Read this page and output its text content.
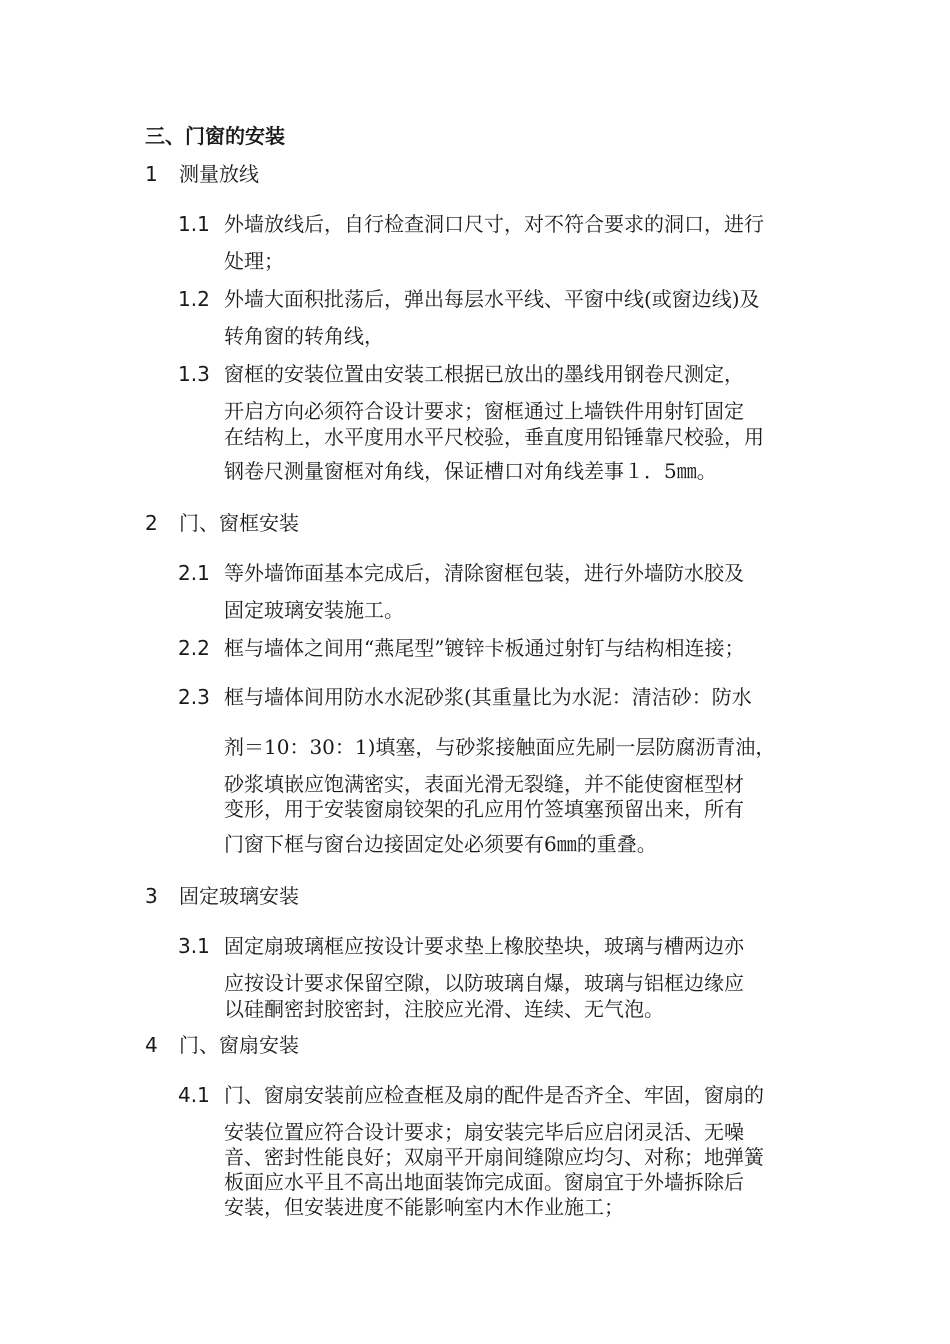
三、门窗的安装
1 测量放线
1.1 外墙放线后，自行检查洞口尺寸，对不符合要求的洞口，进行
处理；
1.2 外墙大面积批荡后，弹出每层水平线、平窗中线(或窗边线)及
转角窗的转角线，
1.3 窗框的安装位置由安装工根据已放出的墨线用钢卷尺测定，
开启方向必须符合设计要求；窗框通过上墙铁件用射钉固定
在结构上，水平度用水平尺校验，垂直度用铅锤靠尺校验，用
钢卷尺测量窗框对角线，保证槽口对角线差事１．5㎜。
2 门、窗框安装
2.1 等外墙饰面基本完成后，清除窗框包装，进行外墙防水胶及
固定玻璃安装施工。
2.2 框与墙体之间用“燕尾型”镀锌卡板通过射钉与结构相连接；
2.3 框与墙体间用防水水泥砂浆(其重量比为水泥：清洁砂：防水
剂＝10：30：1)填塞，与砂浆接触面应先刷一层防腐沥青油，
砂浆填嵌应饱满密实，表面光滑无裂缝，并不能使窗框型材
变形，用于安装窗扇铰架的孔应用竹签填塞预留出来，所有
门窗下框与窗台边接固定处必须要有6㎜的重叠。
3 固定玻璃安装
3.1 固定扇玻璃框应按设计要求垫上橡胶垫块，玻璃与槽两边亦
应按设计要求保留空隙，以防玻璃自爆，玻璃与铝框边缘应
以硅酮密封胶密封，注胶应光滑、连续、无气泡。
4 门、窗扇安装
4.1 门、窗扇安装前应检查框及扇的配件是否齐全、牢固，窗扇的
安装位置应符合设计要求；扇安装完毕后应启闭灵活、无噪
音、密封性能良好；双扇平开扇间缝隙应均匀、对称；地弹簧
板面应水平且不高出地面装饰完成面。窗扇宜于外墙拆除后
安装，但安装进度不能影响室内木作业施工；
